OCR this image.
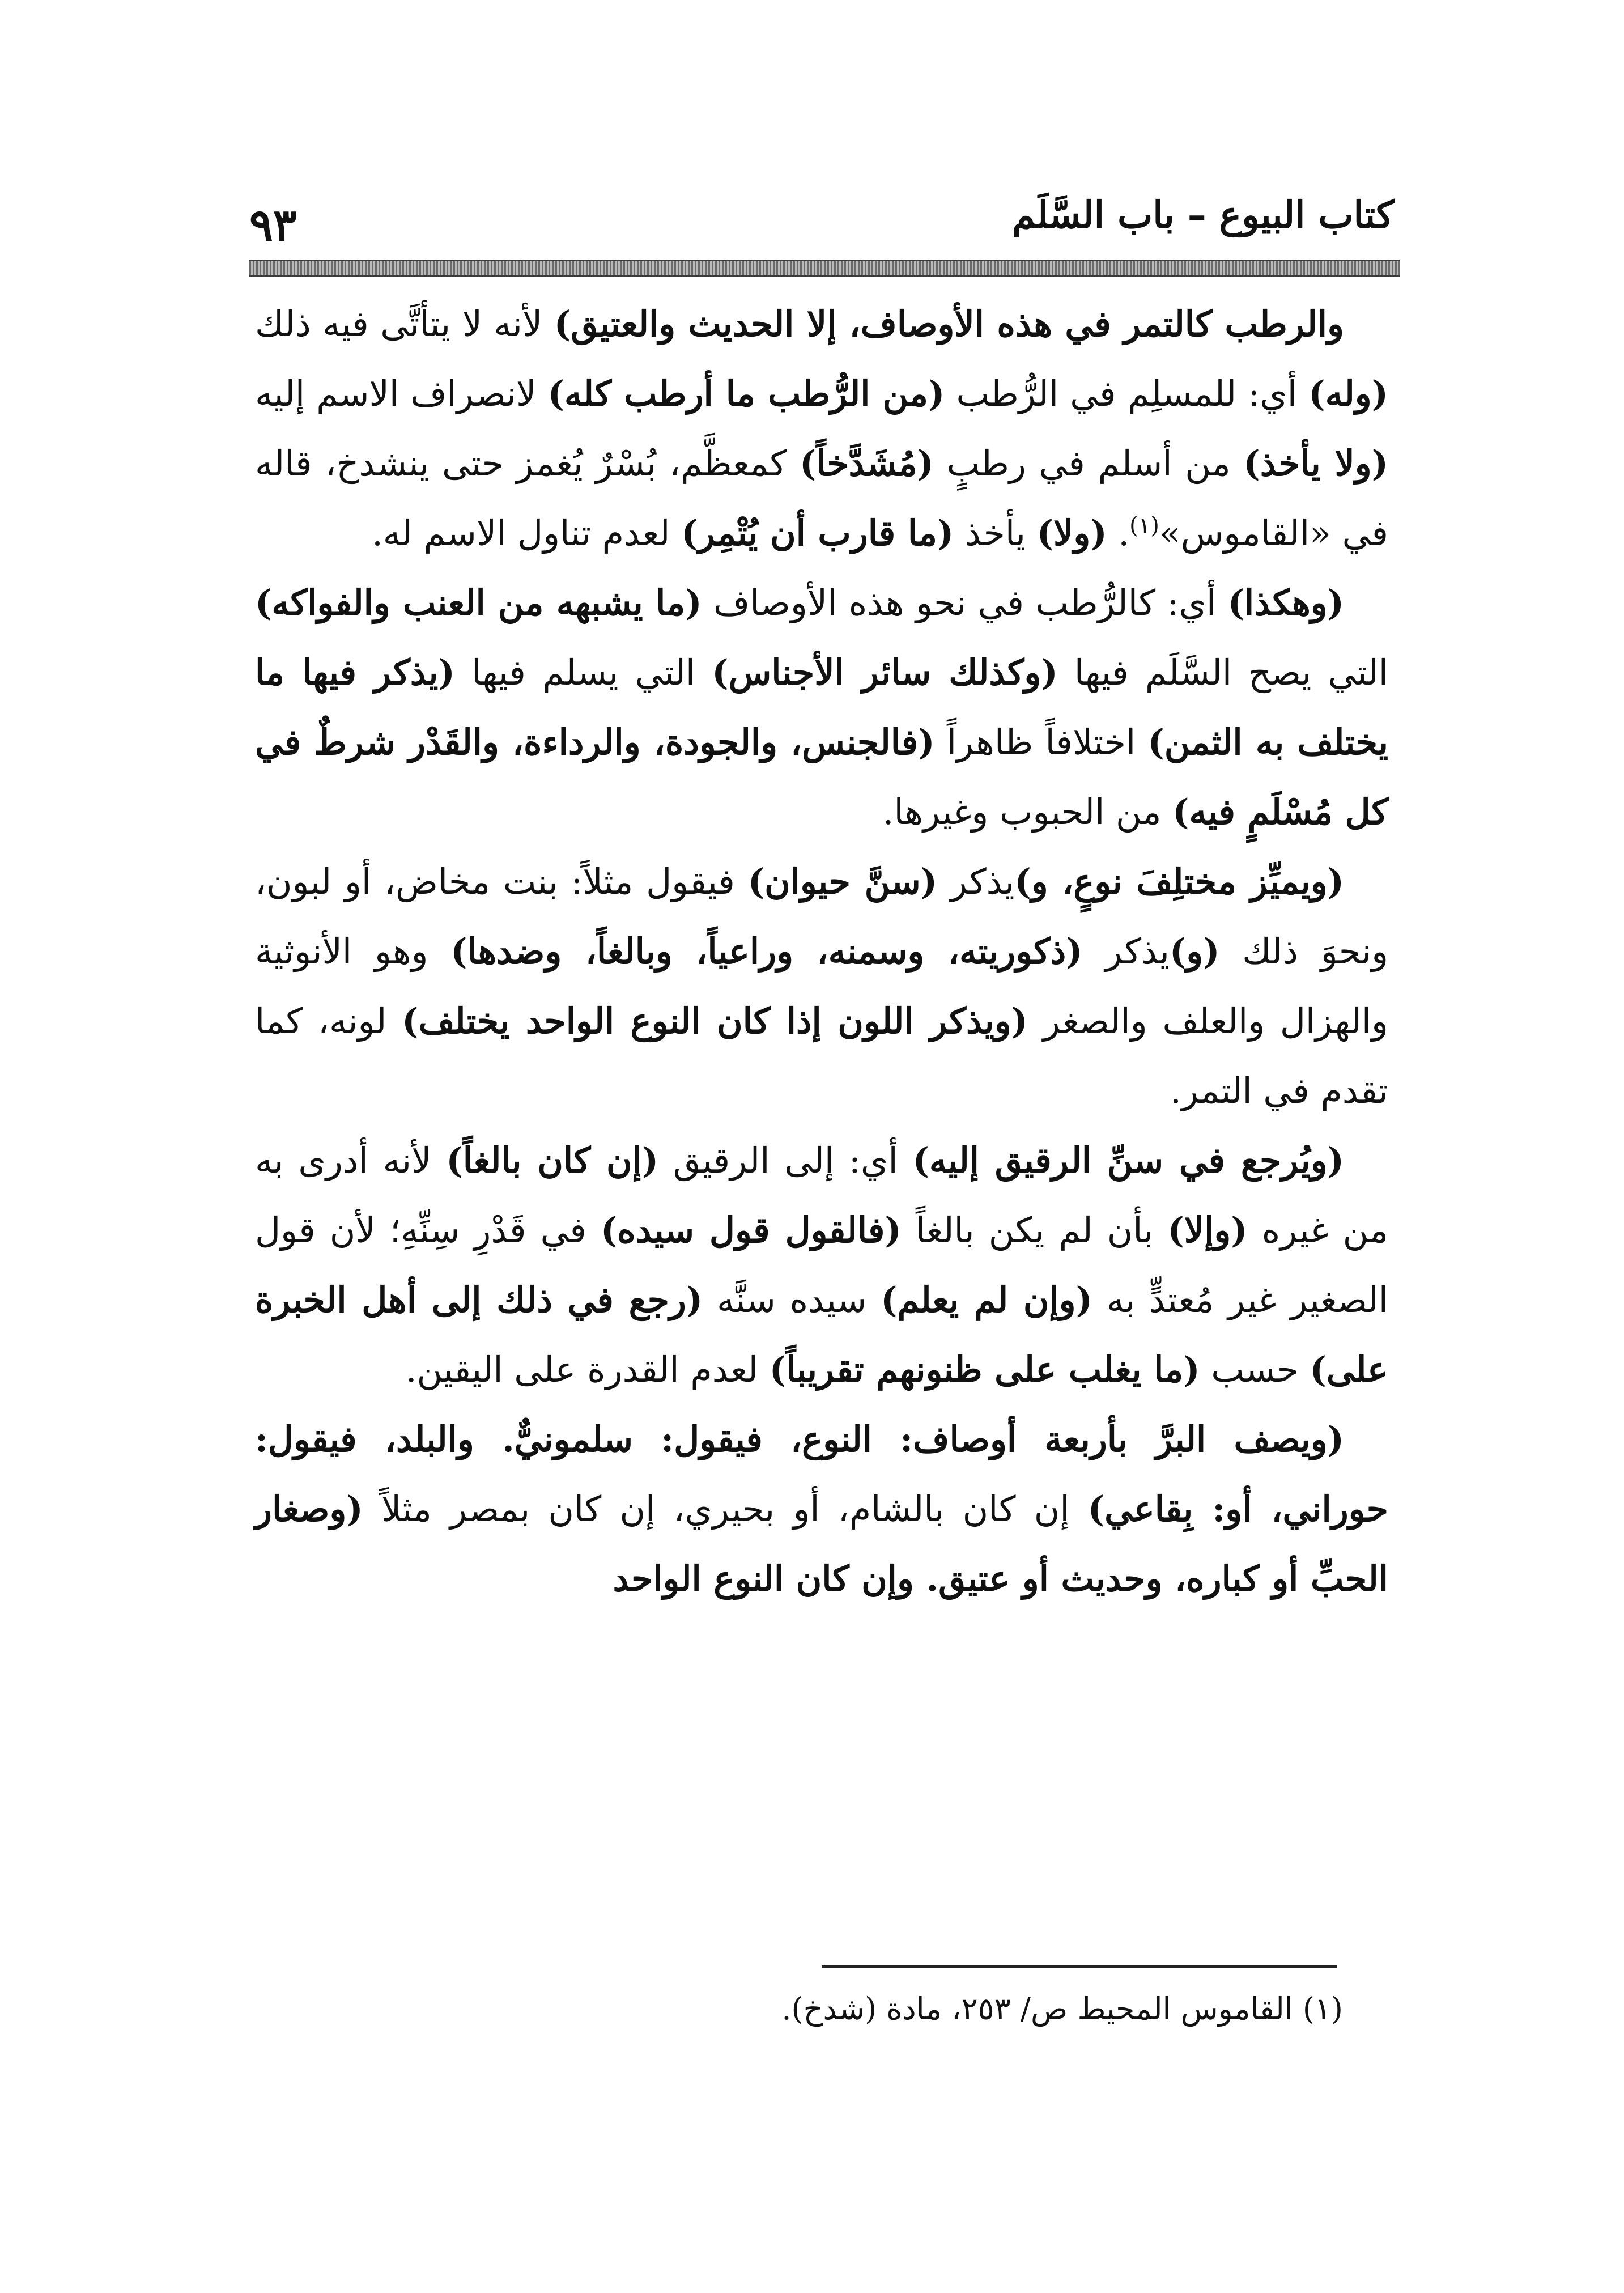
٩٣	كتاب البيوع – باب السَّلَم

والرطب كالتمر في هذه الأوصاف، إلا الحديث والعتيق) لأنه لا يتأتَّى فيه ذلك (وله) أي: للمسلِم في الرُّطب (من الرُّطب ما أرطب كله) لانصراف الاسم إليه (ولا يأخذ) من أسلم في رطبٍ (مُشَدَّخاً) كمعظَّم، بُسْرٌ يُغمز حتى ينشدخ، قاله في «القاموس»$^{(١)}$. (ولا) يأخذ (ما قارب أن يُتْمِر) لعدم تناول الاسم له.

(وهكذا) أي: كالرُّطب في نحو هذه الأوصاف (ما يشبهه من العنب والفواكه) التي يصح السَّلَم فيها (وكذلك سائر الأجناس) التي يسلم فيها (يذكر فيها ما يختلف به الثمن) اختلافاً ظاهراً (فالجنس، والجودة، والرداءة، والقَدْر شرطٌ في كل مُسْلَمٍ فيه) من الحبوب وغيرها.

(ويميِّز مختلِفَ نوعٍ، و)يذكر (سنَّ حيوان) فيقول مثلاً: بنت مخاض، أو لبون، ونحوَ ذلك (و)يذكر (ذكوريته، وسمنه، وراعياً، وبالغاً، وضدها) وهو الأنوثية والهزال والعلف والصغر (ويذكر اللون إذا كان النوع الواحد يختلف) لونه، كما تقدم في التمر.

(ويُرجع في سنِّ الرقيق إليه) أي: إلى الرقيق (إن كان بالغاً) لأنه أدرى به من غيره (وإلا) بأن لم يكن بالغاً (فالقول قول سيده) في قَدْرِ سِنِّهِ؛ لأن قول الصغير غير مُعتدٍّ به (وإن لم يعلم) سيده سنَّه (رجع في ذلك إلى أهل الخبرة على) حسب (ما يغلب على ظنونهم تقريباً) لعدم القدرة على اليقين.

(ويصف البرَّ بأربعة أوصاف: النوع، فيقول: سلمونيٌّ. والبلد، فيقول: حوراني، أو: بِقاعي) إن كان بالشام، أو بحيري، إن كان بمصر مثلاً (وصغار الحبِّ أو كباره، وحديث أو عتيق. وإن كان النوع الواحد

(١) القاموس المحيط ص/ ٢٥٣، مادة (شدخ).
